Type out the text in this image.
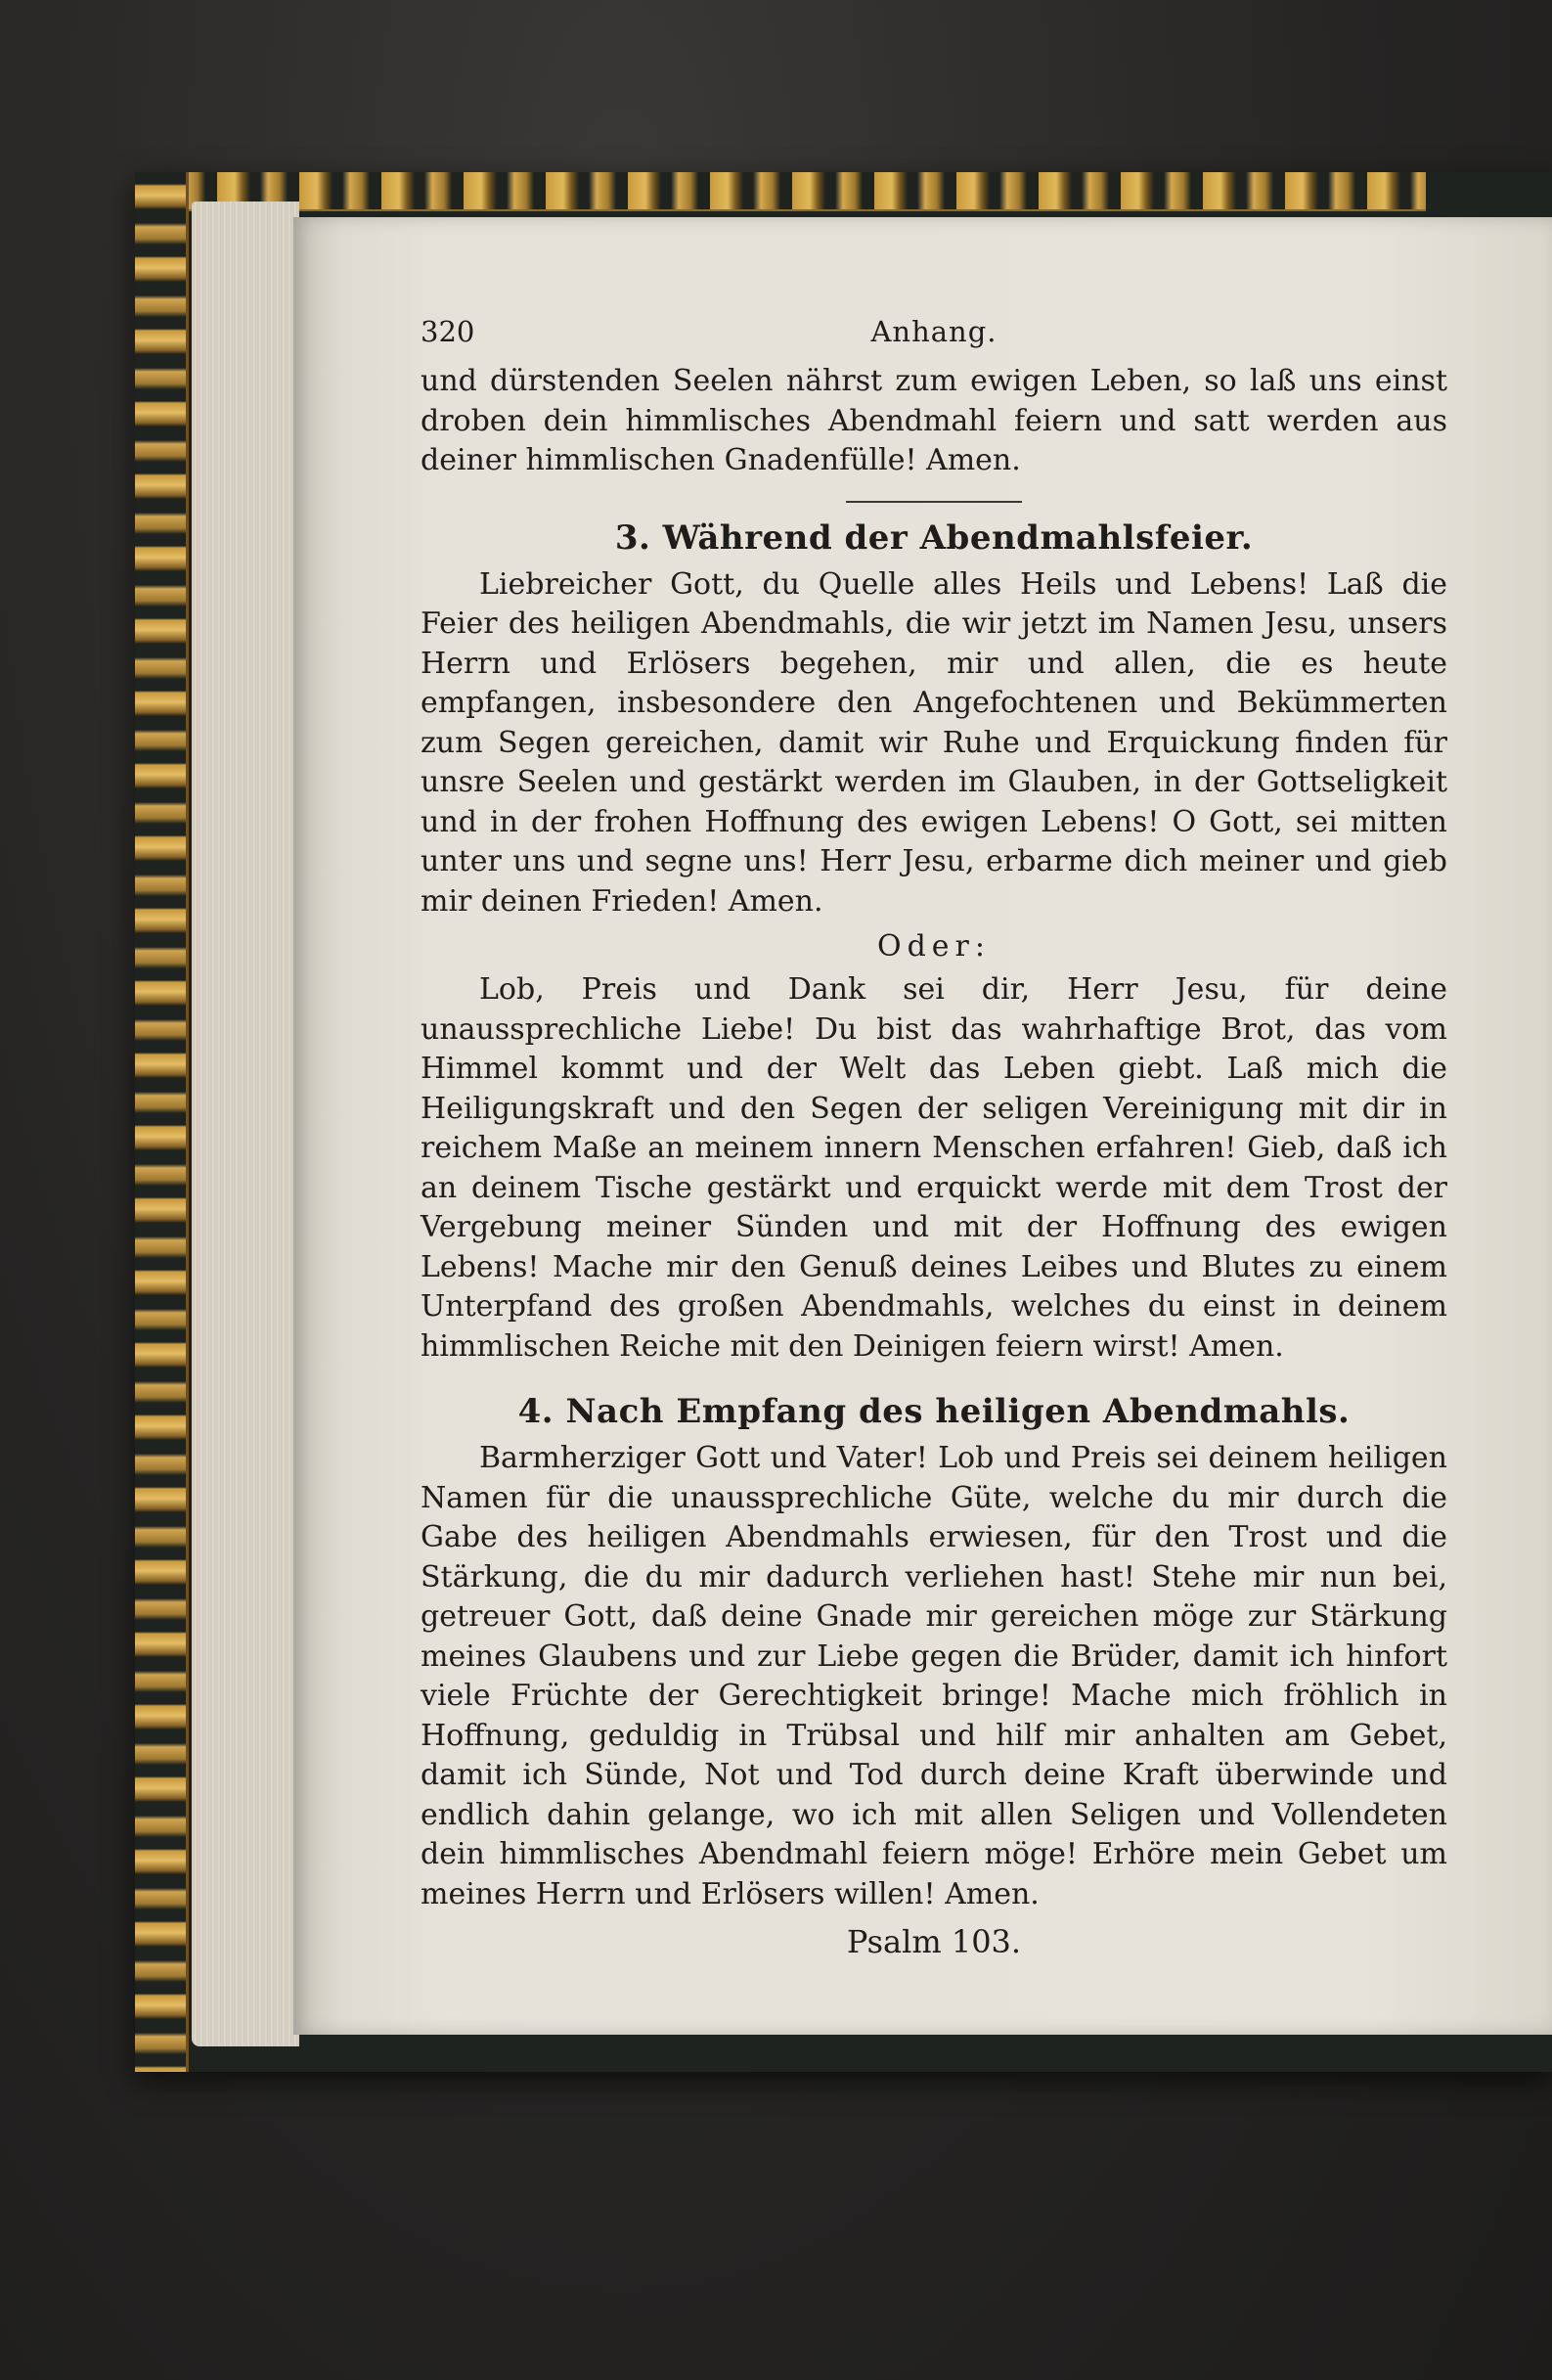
320	Anhang.

und dürstenden Seelen nährst zum ewigen Leben, so laß uns einst droben dein himmlisches Abendmahl feiern und satt werden aus deiner himmlischen Gnadenfülle! Amen.

3. Während der Abendmahlsfeier.

Liebreicher Gott, du Quelle alles Heils und Lebens! Laß die Feier des heiligen Abendmahls, die wir jetzt im Namen Jesu, unsers Herrn und Erlösers begehen, mir und allen, die es heute empfangen, insbesondere den Angefochtenen und Bekümmerten zum Segen gereichen, damit wir Ruhe und Erquickung finden für unsre Seelen und gestärkt werden im Glauben, in der Gottseligkeit und in der frohen Hoffnung des ewigen Lebens! O Gott, sei mitten unter uns und segne uns! Herr Jesu, erbarme dich meiner und gieb mir deinen Frieden! Amen.

Oder:

Lob, Preis und Dank sei dir, Herr Jesu, für deine unaussprechliche Liebe! Du bist das wahrhaftige Brot, das vom Himmel kommt und der Welt das Leben giebt. Laß mich die Heiligungskraft und den Segen der seligen Vereinigung mit dir in reichem Maße an meinem innern Menschen erfahren! Gieb, daß ich an deinem Tische gestärkt und erquickt werde mit dem Trost der Vergebung meiner Sünden und mit der Hoffnung des ewigen Lebens! Mache mir den Genuß deines Leibes und Blutes zu einem Unterpfand des großen Abendmahls, welches du einst in deinem himmlischen Reiche mit den Deinigen feiern wirst! Amen.

4. Nach Empfang des heiligen Abendmahls.

Barmherziger Gott und Vater! Lob und Preis sei deinem heiligen Namen für die unaussprechliche Güte, welche du mir durch die Gabe des heiligen Abendmahls erwiesen, für den Trost und die Stärkung, die du mir dadurch verliehen hast! Stehe mir nun bei, getreuer Gott, daß deine Gnade mir gereichen möge zur Stärkung meines Glaubens und zur Liebe gegen die Brüder, damit ich hinfort viele Früchte der Gerechtigkeit bringe! Mache mich fröhlich in Hoffnung, geduldig in Trübsal und hilf mir anhalten am Gebet, damit ich Sünde, Not und Tod durch deine Kraft überwinde und endlich dahin gelange, wo ich mit allen Seligen und Vollendeten dein himmlisches Abendmahl feiern möge! Erhöre mein Gebet um meines Herrn und Erlösers willen! Amen.

Psalm 103.
